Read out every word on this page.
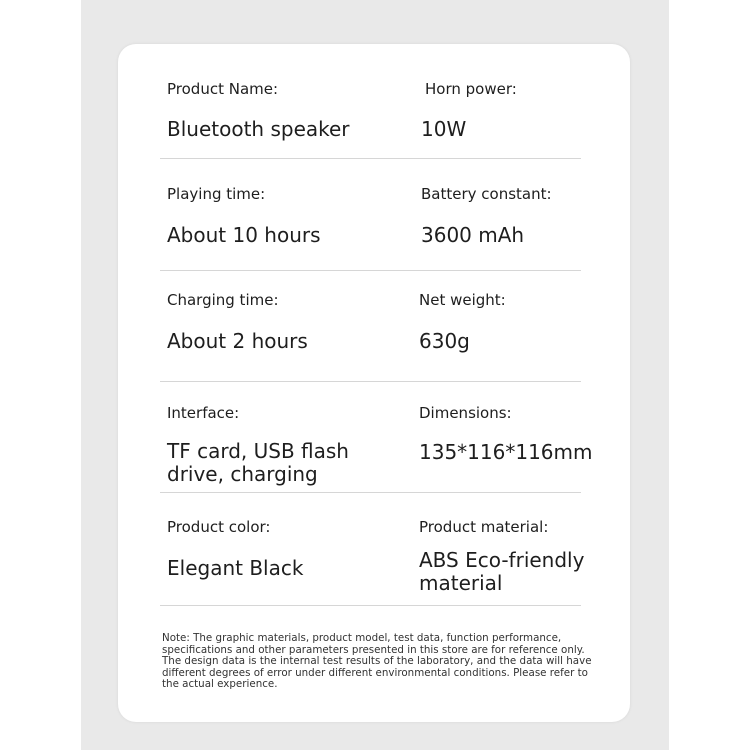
Product Name:
Bluetooth speaker
Horn power:
10W
Playing time:
About 10 hours
Battery constant:
3600 mAh
Charging time:
About 2 hours
Net weight:
630g
Interface:
TF card, USB flash drive, charging
Dimensions:
135*116*116mm
Product color:
Elegant Black
Product material:
ABS Eco-friendly material
Note: The graphic materials, product model, test data, function performance, specifications and other parameters presented in this store are for reference only. The design data is the internal test results of the laboratory, and the data will have different degrees of error under different environmental conditions. Please refer to the actual experience.
